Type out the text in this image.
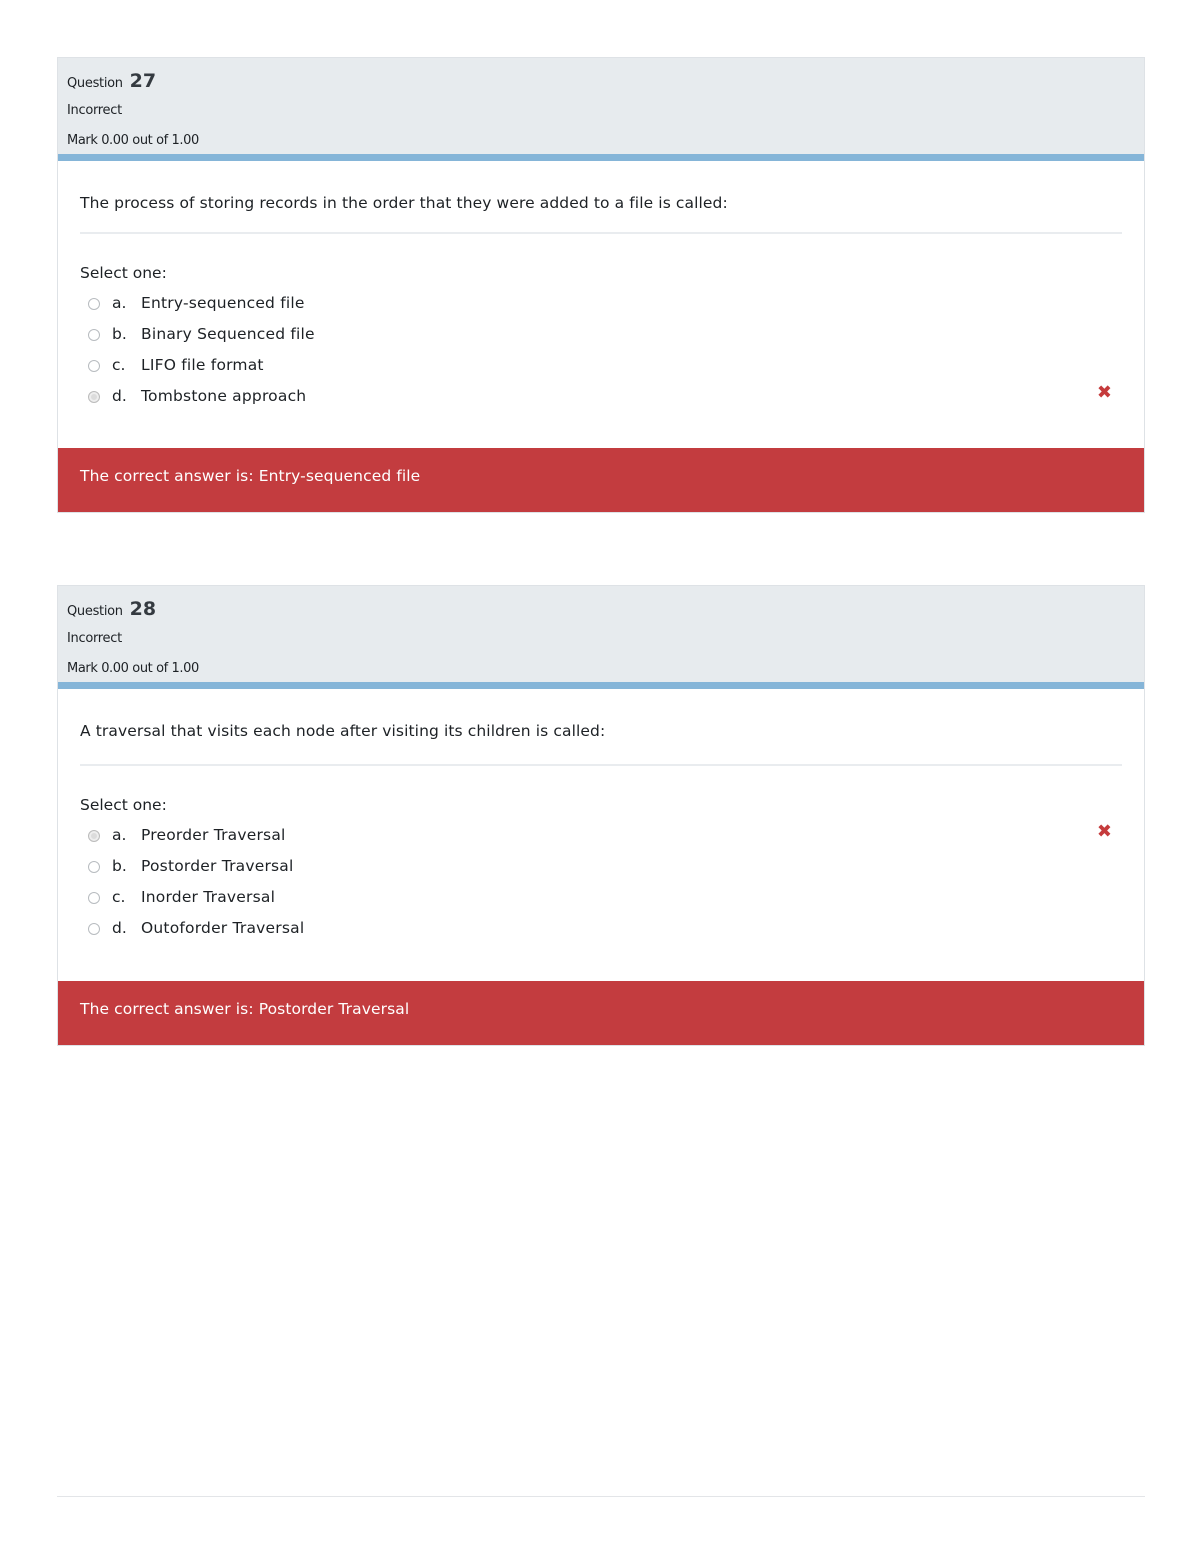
Question 27
Incorrect
Mark 0.00 out of 1.00
The process of storing records in the order that they were added to a file is called:
Select one:
a. Entry-sequenced file
b. Binary Sequenced file
c.	LIFO file format
d. Tombstone approach	✖
The correct answer is: Entry-sequenced file
Question 28
Incorrect
Mark 0.00 out of 1.00
A traversal that visits each node after visiting its children is called:
Select one:
a. Preorder Traversal
b. Postorder Traversal
c.	Inorder Traversal
d. Outoforder Traversal
✖
The correct answer is: Postorder Traversal
